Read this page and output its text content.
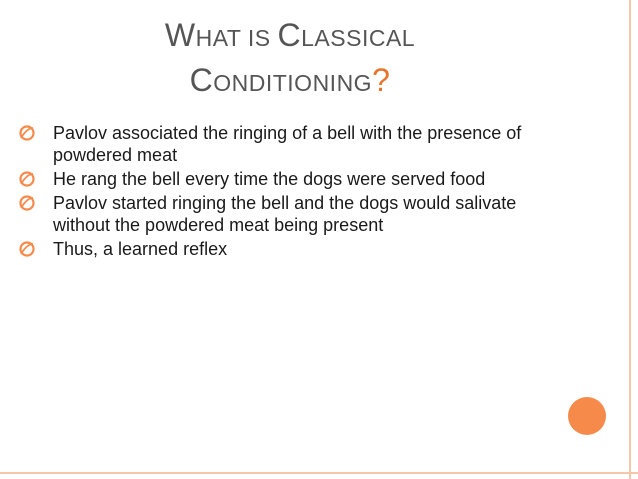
WHAT IS CLASSICAL
CONDITIONING?
Pavlov associated the ringing of a bell with the presence of powdered meat
He rang the bell every time the dogs were served food
Pavlov started ringing the bell and the dogs would salivate without the powdered meat being present
Thus, a learned reflex
